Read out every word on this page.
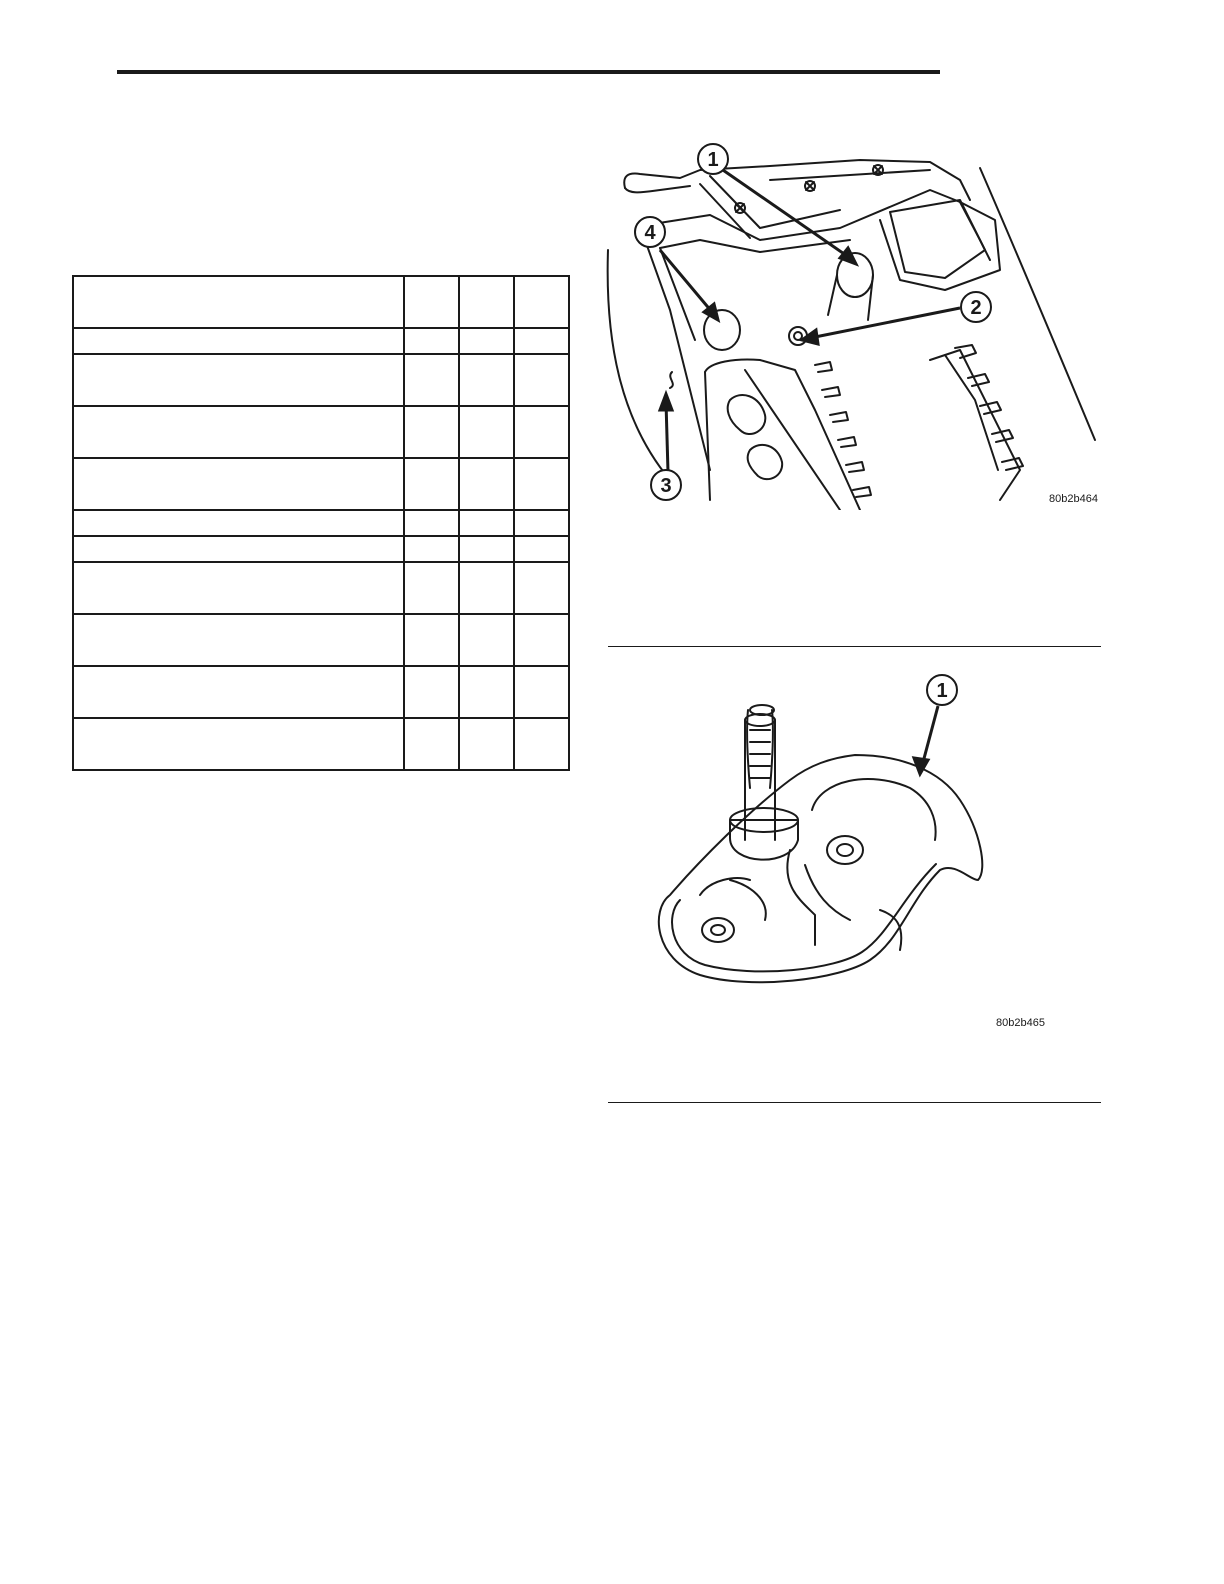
1
2
3
4
80b2b464
1
80b2b465
